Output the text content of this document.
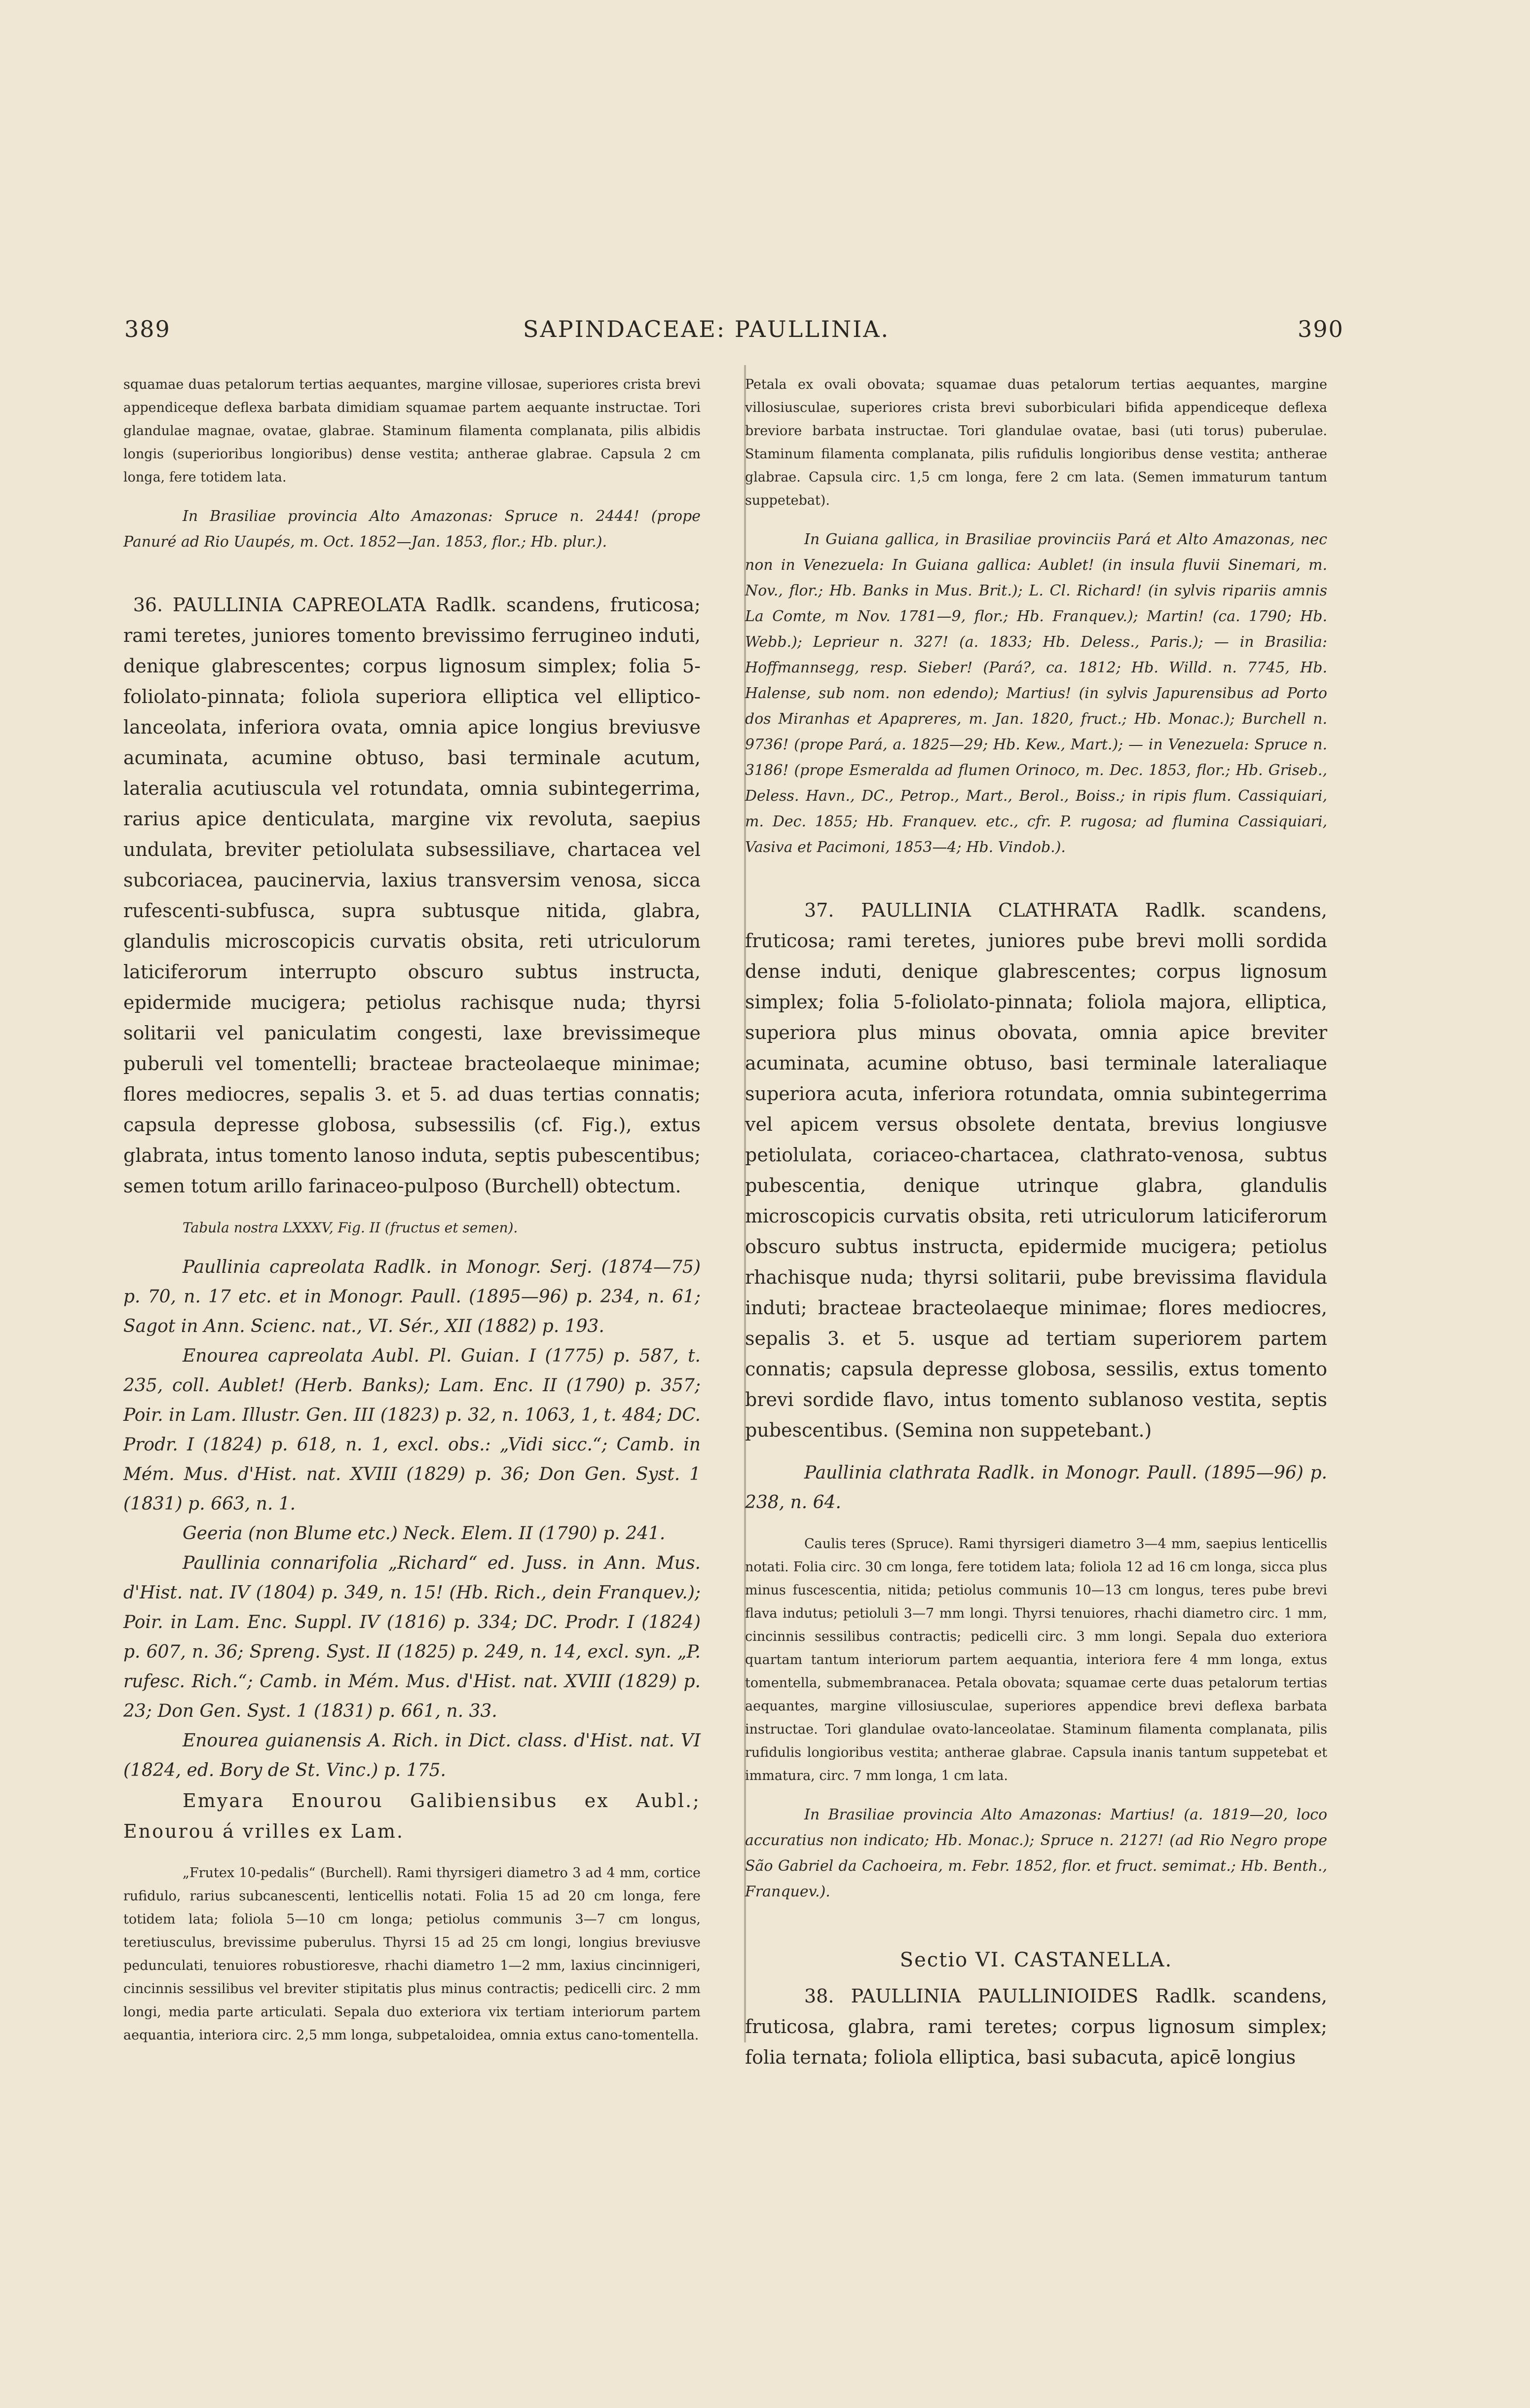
389	SAPINDACEAE: PAULLINIA.	390

squamae duas petalorum tertias aequantes, margine villosae, superiores crista brevi appendiceque deflexa barbata dimidiam squamae partem aequante instructae. Tori glandulae magnae, ovatae, glabrae. Staminum filamenta complanata, pilis albidis longis (superioribus longioribus) dense vestita; antherae glabrae. Capsula 2 cm longa, fere totidem lata.

In Brasiliae provincia Alto Amazonas: Spruce n. 2444! (prope Panuré ad Rio Uaupés, m. Oct. 1852—Jan. 1853, flor.; Hb. plur.).

36. PAULLINIA CAPREOLATA Radlk. scandens, fruticosa; rami teretes, juniores tomento brevissimo ferrugineo induti, denique glabrescentes; corpus lignosum simplex; folia 5-foliolato-pinnata; foliola superiora elliptica vel elliptico-lanceolata, inferiora ovata, omnia apice longius breviusve acuminata, acumine obtuso, basi terminale acutum, lateralia acutiuscula vel rotundata, omnia subintegerrima, rarius apice denticulata, margine vix revoluta, saepius undulata, breviter petiolulata subsessiliave, chartacea vel subcoriacea, paucinervia, laxius transversim venosa, sicca rufescenti-subfusca, supra subtusque nitida, glabra, glandulis microscopicis curvatis obsita, reti utriculorum laticiferorum interrupto obscuro subtus instructa, epidermide mucigera; petiolus rachisque nuda; thyrsi solitarii vel paniculatim congesti, laxe brevissimeque puberuli vel tomentelli; bracteae bracteolaeque minimae; flores mediocres, sepalis 3. et 5. ad duas tertias connatis; capsula depresse globosa, subsessilis (cf. Fig.), extus glabrata, intus tomento lanoso induta, septis pubescentibus; semen totum arillo farinaceo-pulposo (Burchell) obtectum.

Tabula nostra LXXXV, Fig. II (fructus et semen).

Paullinia capreolata Radlk. in Monogr. Serj. (1874—75) p. 70, n. 17 etc. et in Monogr. Paull. (1895—96) p. 234, n. 61; Sagot in Ann. Scienc. nat., VI. Sér., XII (1882) p. 193.

Enourea capreolata Aubl. Pl. Guian. I (1775) p. 587, t. 235, coll. Aublet! (Herb. Banks); Lam. Enc. II (1790) p. 357; Poir. in Lam. Illustr. Gen. III (1823) p. 32, n. 1063, 1, t. 484; DC. Prodr. I (1824) p. 618, n. 1, excl. obs.: „Vidi sicc.“; Camb. in Mém. Mus. d'Hist. nat. XVIII (1829) p. 36; Don Gen. Syst. 1 (1831) p. 663, n. 1.

Geeria (non Blume etc.) Neck. Elem. II (1790) p. 241.

Paullinia connarifolia „Richard“ ed. Juss. in Ann. Mus. d'Hist. nat. IV (1804) p. 349, n. 15! (Hb. Rich., dein Franquev.); Poir. in Lam. Enc. Suppl. IV (1816) p. 334; DC. Prodr. I (1824) p. 607, n. 36; Spreng. Syst. II (1825) p. 249, n. 14, excl. syn. „P. rufesc. Rich.“; Camb. in Mém. Mus. d'Hist. nat. XVIII (1829) p. 23; Don Gen. Syst. 1 (1831) p. 661, n. 33.

Enourea guianensis A. Rich. in Dict. class. d'Hist. nat. VI (1824, ed. Bory de St. Vinc.) p. 175.

Emyara Enourou Galibiensibus ex Aubl.; Enourou á vrilles ex Lam.

„Frutex 10-pedalis“ (Burchell). Rami thyrsigeri diametro 3 ad 4 mm, cortice rufidulo, rarius subcanescenti, lenticellis notati. Folia 15 ad 20 cm longa, fere totidem lata; foliola 5—10 cm longa; petiolus communis 3—7 cm longus, teretiusculus, brevissime puberulus. Thyrsi 15 ad 25 cm longi, longius breviusve pedunculati, tenuiores robustioresve, rhachi diametro 1—2 mm, laxius cincinnigeri, cincinnis sessilibus vel breviter stipitatis plus minus contractis; pedicelli circ. 2 mm longi, media parte articulati. Sepala duo exteriora vix tertiam interiorum partem aequantia, interiora circ. 2,5 mm longa, subpetaloidea, omnia extus cano-tomentella.

Petala ex ovali obovata; squamae duas petalorum tertias aequantes, margine villosiusculae, superiores crista brevi suborbiculari bifida appendiceque deflexa breviore barbata instructae. Tori glandulae ovatae, basi (uti torus) puberulae. Staminum filamenta complanata, pilis rufidulis longioribus dense vestita; antherae glabrae. Capsula circ. 1,5 cm longa, fere 2 cm lata. (Semen immaturum tantum suppetebat).

In Guiana gallica, in Brasiliae provinciis Pará et Alto Amazonas, nec non in Venezuela: In Guiana gallica: Aublet! (in insula fluvii Sinemari, m. Nov., flor.; Hb. Banks in Mus. Brit.); L. Cl. Richard! (in sylvis ripariis amnis La Comte, m Nov. 1781—9, flor.; Hb. Franquev.); Martin! (ca. 1790; Hb. Webb.); Leprieur n. 327! (a. 1833; Hb. Deless., Paris.); — in Brasilia: Hoffmannsegg, resp. Sieber! (Pará?, ca. 1812; Hb. Willd. n. 7745, Hb. Halense, sub nom. non edendo); Martius! (in sylvis Japurensibus ad Porto dos Miranhas et Apapreres, m. Jan. 1820, fruct.; Hb. Monac.); Burchell n. 9736! (prope Pará, a. 1825—29; Hb. Kew., Mart.); — in Venezuela: Spruce n. 3186! (prope Esmeralda ad flumen Orinoco, m. Dec. 1853, flor.; Hb. Griseb., Deless. Havn., DC., Petrop., Mart., Berol., Boiss.; in ripis flum. Cassiquiari, m. Dec. 1855; Hb. Franquev. etc., cfr. P. rugosa; ad flumina Cassiquiari, Vasiva et Pacimoni, 1853—4; Hb. Vindob.).

37. PAULLINIA CLATHRATA Radlk. scandens, fruticosa; rami teretes, juniores pube brevi molli sordida dense induti, denique glabrescentes; corpus lignosum simplex; folia 5-foliolato-pinnata; foliola majora, elliptica, superiora plus minus obovata, omnia apice breviter acuminata, acumine obtuso, basi terminale lateraliaque superiora acuta, inferiora rotundata, omnia subintegerrima vel apicem versus obsolete dentata, brevius longiusve petiolulata, coriaceo-chartacea, clathrato-venosa, subtus pubescentia, denique utrinque glabra, glandulis microscopicis curvatis obsita, reti utriculorum laticiferorum obscuro subtus instructa, epidermide mucigera; petiolus rhachisque nuda; thyrsi solitarii, pube brevissima flavidula induti; bracteae bracteolaeque minimae; flores mediocres, sepalis 3. et 5. usque ad tertiam superiorem partem connatis; capsula depresse globosa, sessilis, extus tomento brevi sordide flavo, intus tomento sublanoso vestita, septis pubescentibus. (Semina non suppetebant.)

Paullinia clathrata Radlk. in Monogr. Paull. (1895—96) p. 238, n. 64.

Caulis teres (Spruce). Rami thyrsigeri diametro 3—4 mm, saepius lenticellis notati. Folia circ. 30 cm longa, fere totidem lata; foliola 12 ad 16 cm longa, sicca plus minus fuscescentia, nitida; petiolus communis 10—13 cm longus, teres pube brevi flava indutus; petioluli 3—7 mm longi. Thyrsi tenuiores, rhachi diametro circ. 1 mm, cincinnis sessilibus contractis; pedicelli circ. 3 mm longi. Sepala duo exteriora quartam tantum interiorum partem aequantia, interiora fere 4 mm longa, extus tomentella, submembranacea. Petala obovata; squamae certe duas petalorum tertias aequantes, margine villosiusculae, superiores appendice brevi deflexa barbata instructae. Tori glandulae ovato-lanceolatae. Staminum filamenta complanata, pilis rufidulis longioribus vestita; antherae glabrae. Capsula inanis tantum suppetebat et immatura, circ. 7 mm longa, 1 cm lata.

In Brasiliae provincia Alto Amazonas: Martius! (a. 1819—20, loco accuratius non indicato; Hb. Monac.); Spruce n. 2127! (ad Rio Negro prope São Gabriel da Cachoeira, m. Febr. 1852, flor. et fruct. semimat.; Hb. Benth., Franquev.).

Sectio VI. CASTANELLA.

38. PAULLINIA PAULLINIOIDES Radlk. scandens, fruticosa, glabra, rami teretes; corpus lignosum simplex; folia ternata; foliola elliptica, basi subacuta, apicē longius
